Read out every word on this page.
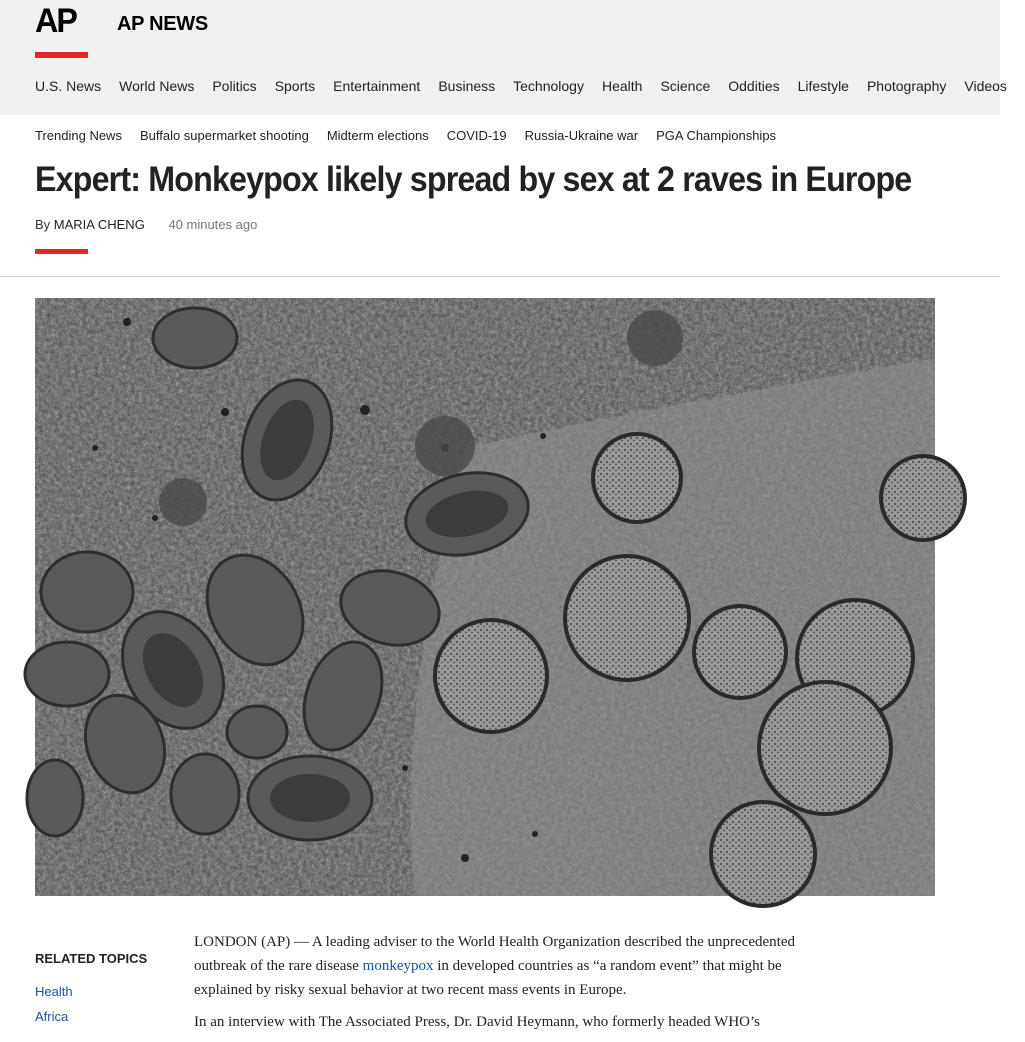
AP AP NEWS
U.S. News World News Politics Sports Entertainment Business Technology Health Science Oddities Lifestyle Photography Videos
Trending News Buffalo supermarket shooting Midterm elections COVID-19 Russia-Ukraine war PGA Championships
Expert: Monkeypox likely spread by sex at 2 raves in Europe
By MARIA CHENG 40 minutes ago
RELATED TOPICS
Health
Africa

LONDON (AP) — A leading adviser to the World Health Organization described the unprecedented outbreak of the rare disease monkeypox in developed countries as “a random event” that might be explained by risky sexual behavior at two recent mass events in Europe.

In an interview with The Associated Press, Dr. David Heymann, who formerly headed WHO’s
